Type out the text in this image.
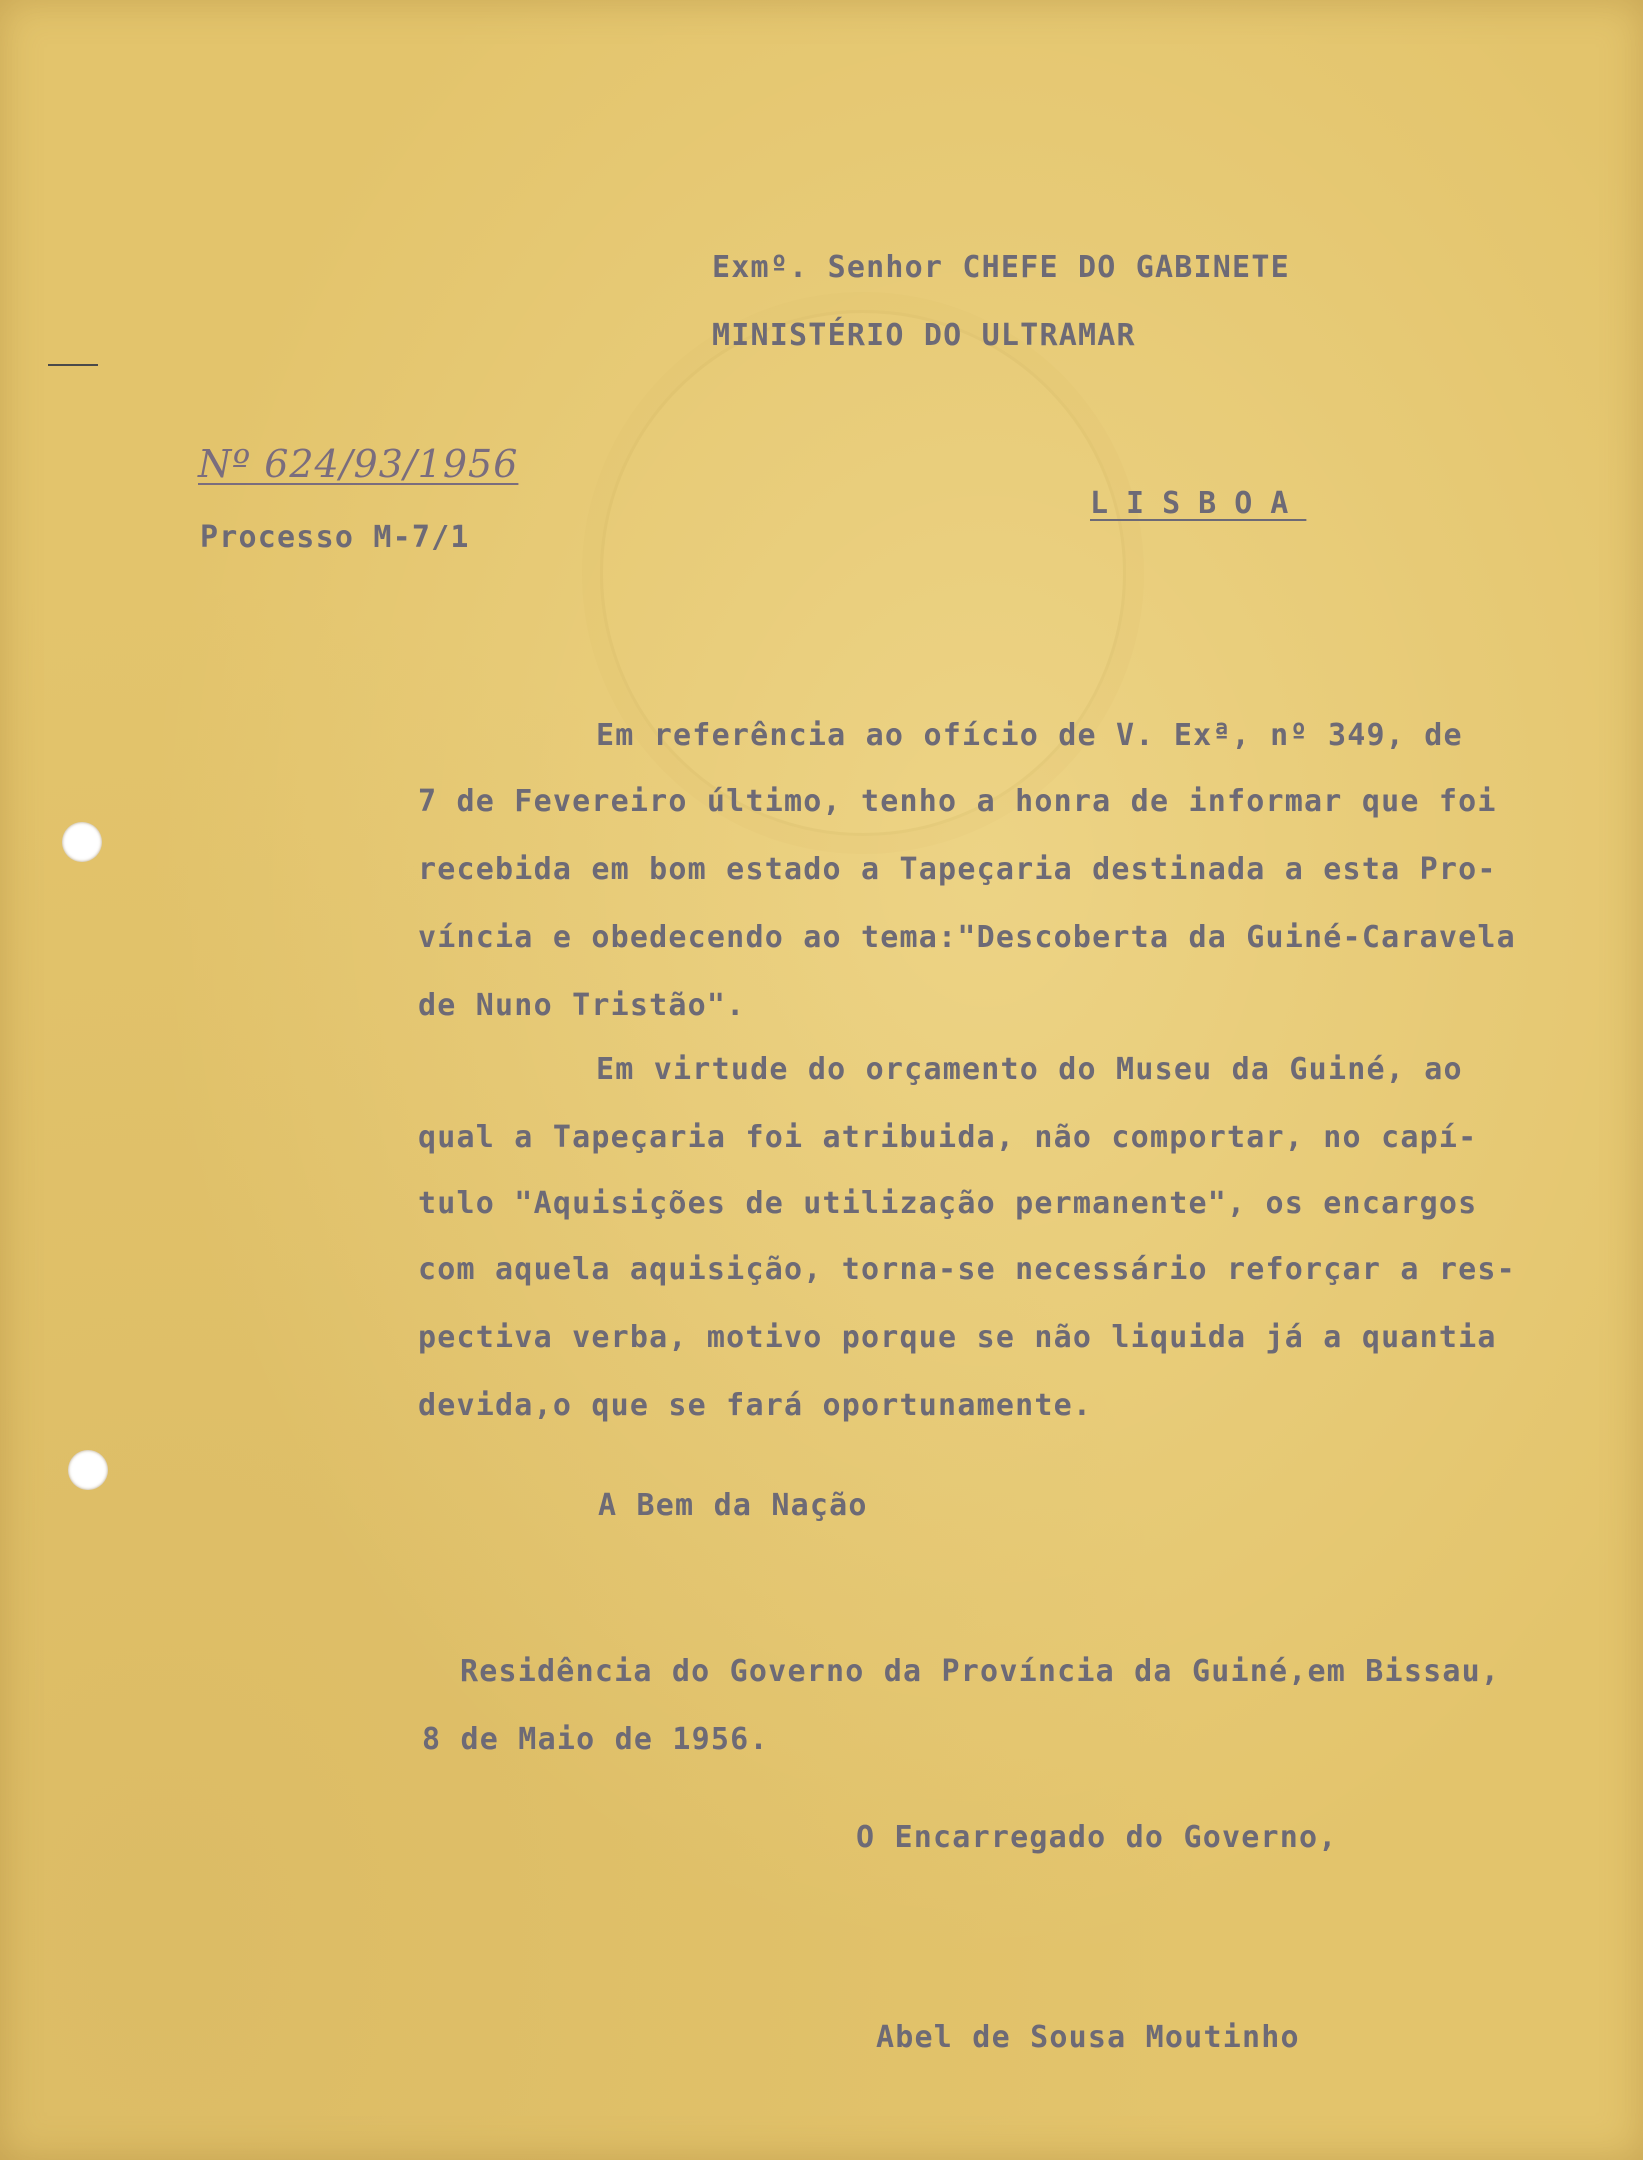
Exmº. Senhor CHEFE DO GABINETE
MINISTÉRIO DO ULTRAMAR
Nº 624/93/1956
Processo M-7/1
LISBOA
Em referência ao ofício de V. Exª, nº 349, de
7 de Fevereiro último, tenho a honra de informar que foi
recebida em bom estado a Tapeçaria destinada a esta Pro-
víncia e obedecendo ao tema:"Descoberta da Guiné-Caravela
de Nuno Tristão".
Em virtude do orçamento do Museu da Guiné, ao
qual a Tapeçaria foi atribuida, não comportar, no capí-
tulo "Aquisições de utilização permanente", os encargos
com aquela aquisição, torna-se necessário reforçar a res-
pectiva verba, motivo porque se não liquida já a quantia
devida,o que se fará oportunamente.
A Bem da Nação
Residência do Governo da Província da Guiné,em Bissau,
8 de Maio de 1956.
O Encarregado do Governo,
Abel de Sousa Moutinho
